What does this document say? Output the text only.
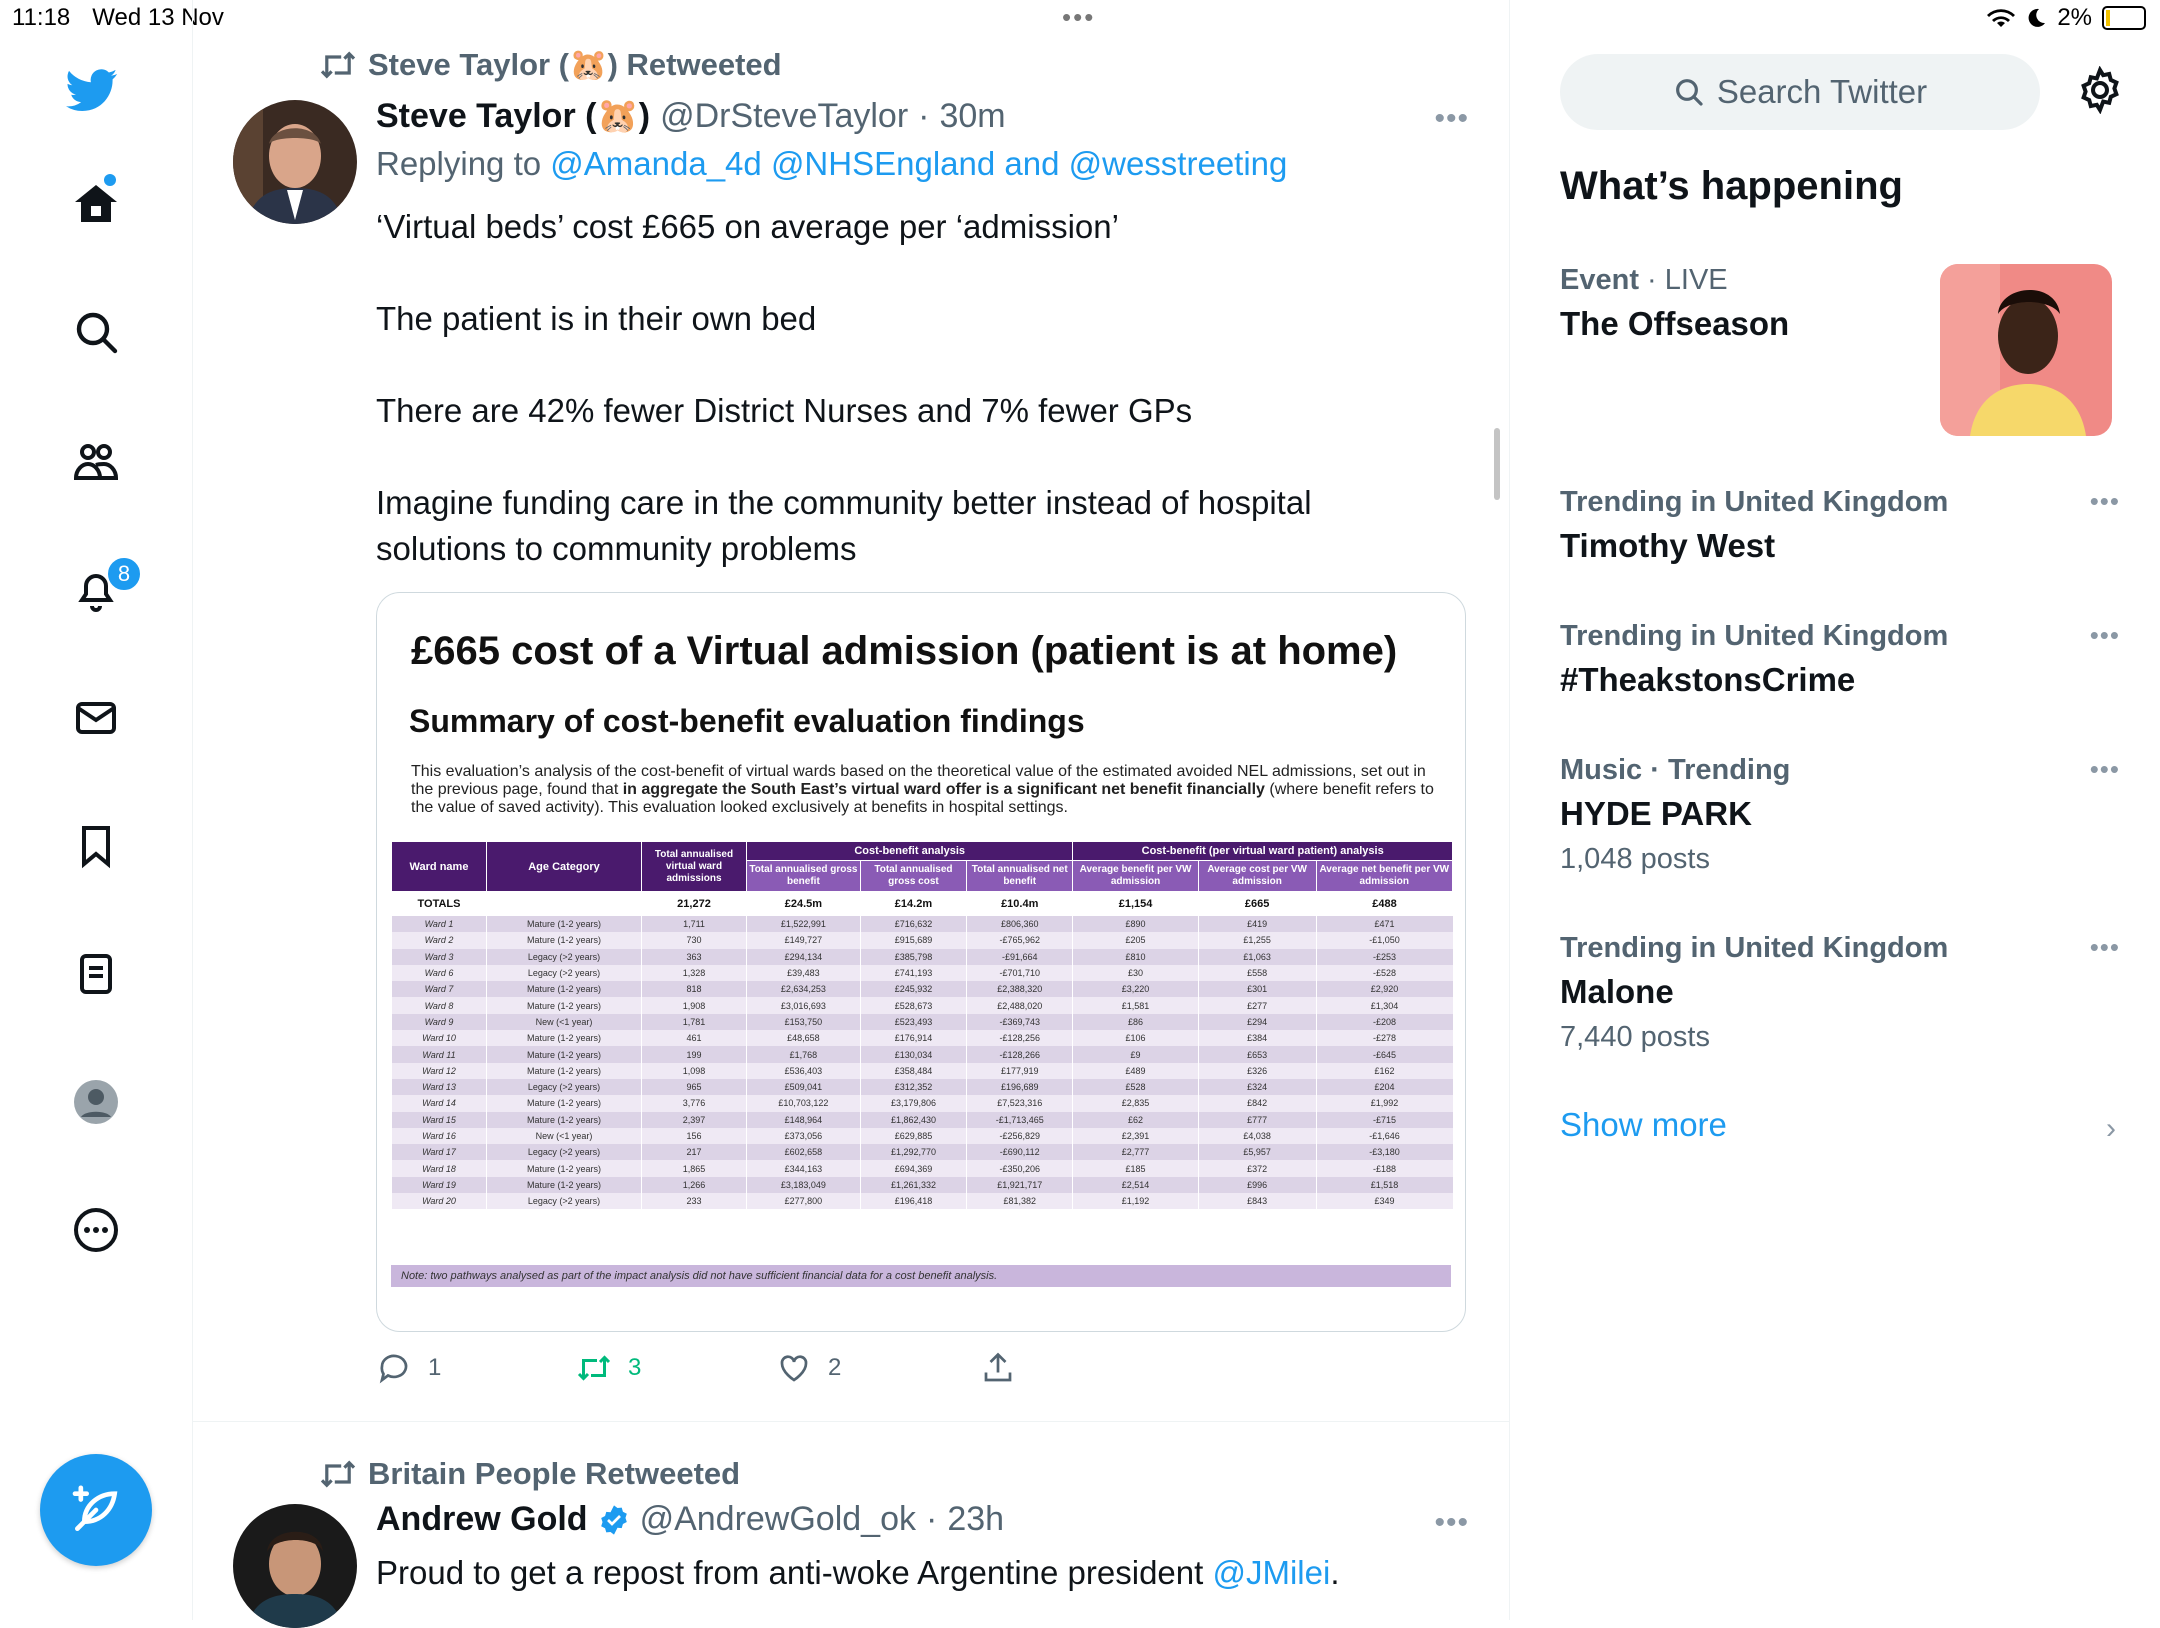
11:18 Wed 13 Nov	•••	2%
8
Steve Taylor (🐹) Retweeted
Steve Taylor (🐹) @DrSteveTaylor · 30m	•••
Replying to @Amanda_4d @NHSEngland and @wesstreeting

‘Virtual beds’ cost £665 on average per ‘admission’

The patient is in their own bed

There are 42% fewer District Nurses and 7% fewer GPs

Imagine funding care in the community better instead of hospital solutions to community problems

£665 cost of a Virtual admission (patient is at home)
Summary of cost-benefit evaluation findings
This evaluation’s analysis of the cost-benefit of virtual wards based on the theoretical value of the estimated avoided NEL admissions, set out in the previous page, found that in aggregate the South East’s virtual ward offer is a significant net benefit financially (where benefit refers to the value of saved activity). This evaluation looked exclusively at benefits in hospital settings.
Ward name	Age Category	Total annualised virtual ward admissions	Cost-benefit analysis			Cost-benefit (per virtual ward patient) analysis		
			Total annualised gross benefit	Total annualised gross cost	Total annualised net benefit	Average benefit per VW admission	Average cost per VW admission	Average net benefit per VW admission
TOTALS		21,272	£24.5m	£14.2m	£10.4m	£1,154	£665	£488
Ward 1	Mature (1-2 years)	1,711	£1,522,991	£716,632	£806,360	£890	£419	£471
Ward 2	Mature (1-2 years)	730	£149,727	£915,689	-£765,962	£205	£1,255	-£1,050
Ward 3	Legacy (>2 years)	363	£294,134	£385,798	-£91,664	£810	£1,063	-£253
Ward 6	Legacy (>2 years)	1,328	£39,483	£741,193	-£701,710	£30	£558	-£528
Ward 7	Mature (1-2 years)	818	£2,634,253	£245,932	£2,388,320	£3,220	£301	£2,920
Ward 8	Mature (1-2 years)	1,908	£3,016,693	£528,673	£2,488,020	£1,581	£277	£1,304
Ward 9	New (<1 year)	1,781	£153,750	£523,493	-£369,743	£86	£294	-£208
Ward 10	Mature (1-2 years)	461	£48,658	£176,914	-£128,256	£106	£384	-£278
Ward 11	Mature (1-2 years)	199	£1,768	£130,034	-£128,266	£9	£653	-£645
Ward 12	Mature (1-2 years)	1,098	£536,403	£358,484	£177,919	£489	£326	£162
Ward 13	Legacy (>2 years)	965	£509,041	£312,352	£196,689	£528	£324	£204
Ward 14	Mature (1-2 years)	3,776	£10,703,122	£3,179,806	£7,523,316	£2,835	£842	£1,992
Ward 15	Mature (1-2 years)	2,397	£148,964	£1,862,430	-£1,713,465	£62	£777	-£715
Ward 16	New (<1 year)	156	£373,056	£629,885	-£256,829	£2,391	£4,038	-£1,646
Ward 17	Legacy (>2 years)	217	£602,658	£1,292,770	-£690,112	£2,777	£5,957	-£3,180
Ward 18	Mature (1-2 years)	1,865	£344,163	£694,369	-£350,206	£185	£372	-£188
Ward 19	Mature (1-2 years)	1,266	£3,183,049	£1,261,332	£1,921,717	£2,514	£996	£1,518
Ward 20	Legacy (>2 years)	233	£277,800	£196,418	£81,382	£1,192	£843	£349
Note: two pathways analysed as part of the impact analysis did not have sufficient financial data for a cost benefit analysis.
1	3	2
Britain People Retweeted
Andrew Gold @AndrewGold_ok · 23h	•••
Proud to get a repost from anti-woke Argentine president @JMilei.
Search Twitter
What’s happening
Event · LIVE
The Offseason
•••
Trending in United Kingdom
Timothy West
•••
Trending in United Kingdom
#TheakstonsCrime
•••
Music · Trending
HYDE PARK
1,048 posts
•••
Trending in United Kingdom
Malone
7,440 posts
Show more	›
